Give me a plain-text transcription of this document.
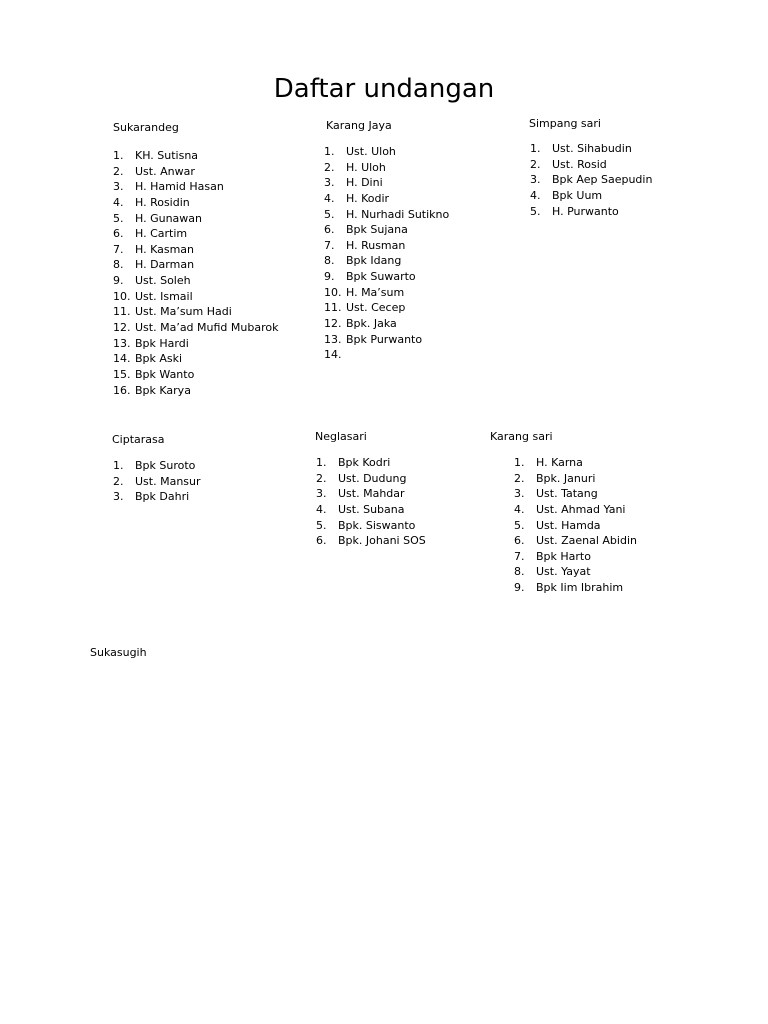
Daftar undangan

Sukarandeg

1. KH. Sutisna
2. Ust. Anwar
3. H. Hamid Hasan
4. H. Rosidin
5. H. Gunawan
6. H. Cartim
7. H. Kasman
8. H. Darman
9. Ust. Soleh
10. Ust. Ismail
11. Ust. Ma’sum Hadi
12. Ust. Ma’ad Mufid Mubarok
13. Bpk Hardi
14. Bpk Aski
15. Bpk Wanto
16. Bpk Karya

Karang Jaya

1. Ust. Uloh
2. H. Uloh
3. H. Dini
4. H. Kodir
5. H. Nurhadi Sutikno
6. Bpk Sujana
7. H. Rusman
8. Bpk Idang
9. Bpk Suwarto
10. H. Ma’sum
11. Ust. Cecep
12. Bpk. Jaka
13. Bpk Purwanto
14.

Simpang sari

1. Ust. Sihabudin
2. Ust. Rosid
3. Bpk Aep Saepudin
4. Bpk Uum
5. H. Purwanto

Ciptarasa

1. Bpk Suroto
2. Ust. Mansur
3. Bpk Dahri

Neglasari

1. Bpk Kodri
2. Ust. Dudung
3. Ust. Mahdar
4. Ust. Subana
5. Bpk. Siswanto
6. Bpk. Johani SOS

Karang sari

1. H. Karna
2. Bpk. Januri
3. Ust. Tatang
4. Ust. Ahmad Yani
5. Ust. Hamda
6. Ust. Zaenal Abidin
7. Bpk Harto
8. Ust. Yayat
9. Bpk Iim Ibrahim

Sukasugih
